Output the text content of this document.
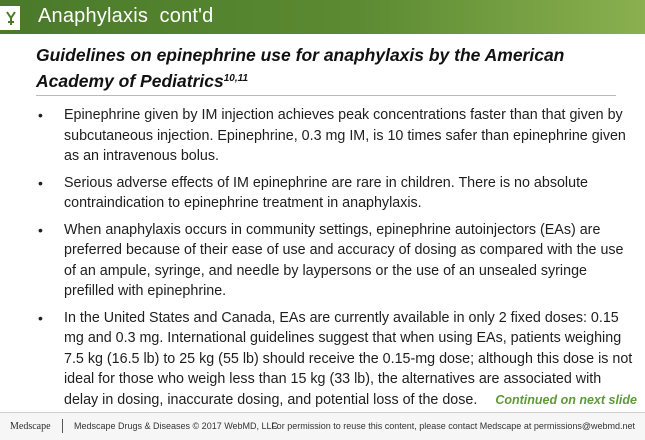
Anaphylaxis  cont'd
Guidelines on epinephrine use for anaphylaxis by the American Academy of Pediatrics$^{10,11}$
• Epinephrine given by IM injection achieves peak concentrations faster than that given by subcutaneous injection. Epinephrine, 0.3 mg IM, is 10 times safer than epinephrine given as an intravenous bolus.
• Serious adverse effects of IM epinephrine are rare in children. There is no absolute contraindication to epinephrine treatment in anaphylaxis.
• When anaphylaxis occurs in community settings, epinephrine autoinjectors (EAs) are preferred because of their ease of use and accuracy of dosing as compared with the use of an ampule, syringe, and needle by laypersons or the use of an unsealed syringe prefilled with epinephrine.
• In the United States and Canada, EAs are currently available in only 2 fixed doses: 0.15 mg and 0.3 mg. International guidelines suggest that when using EAs, patients weighing 7.5 kg (16.5 lb) to 25 kg (55 lb) should receive the 0.15-mg dose; although this dose is not ideal for those who weigh less than 15 kg (33 lb), the alternatives are associated with delay in dosing, inaccurate dosing, and potential loss of the dose.	Continued on next slide
Medscape	Medscape Drugs & Diseases © 2017 WebMD, LLC
For permission to reuse this content, please contact Medscape at permissions@webmd.net
